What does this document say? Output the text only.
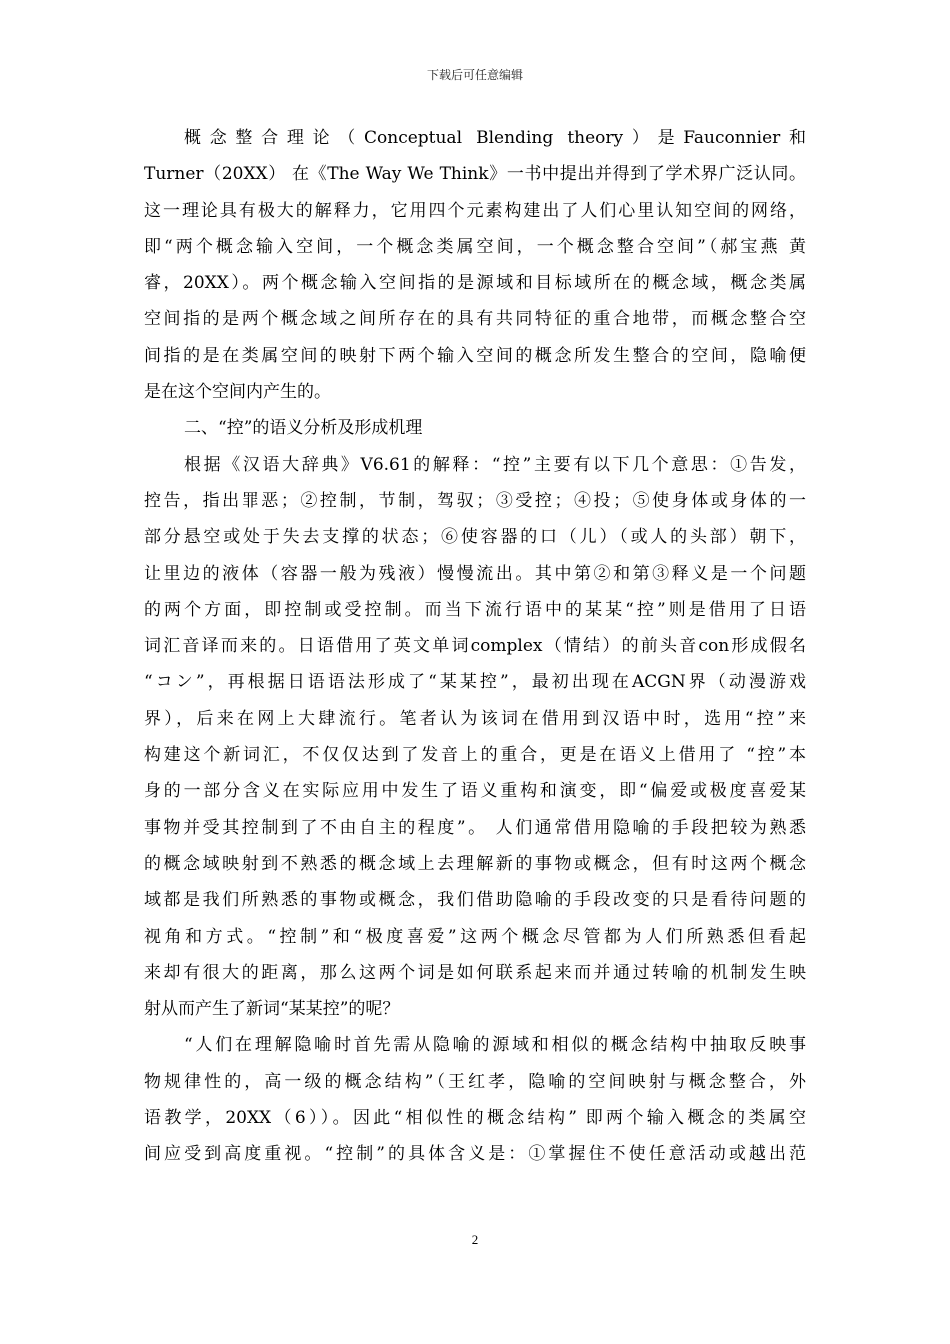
下载后可任意编辑
概念整合理论（Conceptual Blending theory）是Fauconnier和
Turner（20XX） 在《The Way We Think》一书中提出并得到了学术界广泛认同。
这一理论具有极大的解释力，它用四个元素构建出了人们心里认知空间的网络，
即“两个概念输入空间，一个概念类属空间，一个概念整合空间”（郝宝燕 黄
睿，20XX）。两个概念输入空间指的是源域和目标域所在的概念域，概念类属
空间指的是两个概念域之间所存在的具有共同特征的重合地带，而概念整合空
间指的是在类属空间的映射下两个输入空间的概念所发生整合的空间，隐喻便
是在这个空间内产生的。
二、“控”的语义分析及形成机理
根据《汉语大辞典》V6.61的解释：“控”主要有以下几个意思：①告发，
控告，指出罪恶；②控制，节制，驾驭；③受控；④投；⑤使身体或身体的一
部分悬空或处于失去支撑的状态；⑥使容器的口（儿）（或人的头部）朝下，
让里边的液体（容器一般为残液）慢慢流出。其中第②和第③释义是一个问题
的两个方面，即控制或受控制。而当下流行语中的某某“控”则是借用了日语
词汇音译而来的。日语借用了英文单词complex（情结）的前头音con形成假名
“コン”，再根据日语语法形成了“某某控”，最初出现在ACGN界（动漫游戏
界），后来在网上大肆流行。笔者认为该词在借用到汉语中时，选用“控”来
构建这个新词汇，不仅仅达到了发音上的重合，更是在语义上借用了 “控”本
身的一部分含义在实际应用中发生了语义重构和演变，即“偏爱或极度喜爱某
事物并受其控制到了不由自主的程度”。 人们通常借用隐喻的手段把较为熟悉
的概念域映射到不熟悉的概念域上去理解新的事物或概念，但有时这两个概念
域都是我们所熟悉的事物或概念，我们借助隐喻的手段改变的只是看待问题的
视角和方式。“控制”和“极度喜爱”这两个概念尽管都为人们所熟悉但看起
来却有很大的距离，那么这两个词是如何联系起来而并通过转喻的机制发生映
射从而产生了新词“某某控”的呢？
“人们在理解隐喻时首先需从隐喻的源域和相似的概念结构中抽取反映事
物规律性的，高一级的概念结构”（王红孝，隐喻的空间映射与概念整合，外
语教学，20XX（6））。因此“相似性的概念结构” 即两个输入概念的类属空
间应受到高度重视。“控制”的具体含义是：①掌握住不使任意活动或越出范
2
